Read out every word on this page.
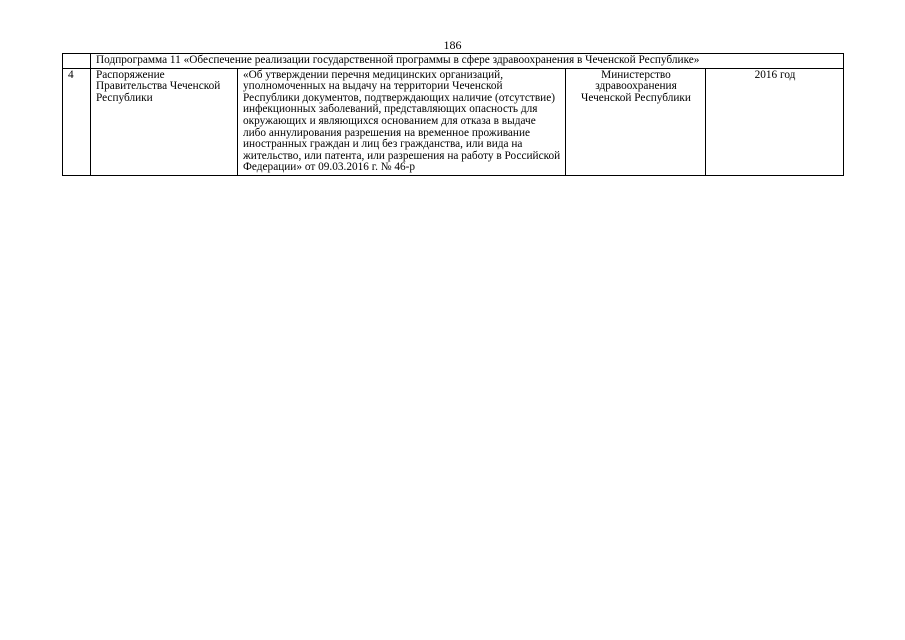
186
	Подпрограмма 11 «Обеспечение реализации государственной программы в сфере здравоохранения в Чеченской Республике»			
4	Распоряжение Правительства Чеченской Республики	«Об утверждении перечня медицинских организаций, уполномоченных на выдачу на территории Чеченской Республики документов, подтверждающих наличие (отсутствие) инфекционных заболеваний, представляющих опасность для окружающих и являющихся основанием для отказа в выдаче либо аннулирования разрешения на временное проживание иностранных граждан и лиц без гражданства, или вида на жительство, или патента, или разрешения на работу в Российской Федерации» от 09.03.2016 г. № 46-р	Министерство здравоохранения Чеченской Республики	2016 год
